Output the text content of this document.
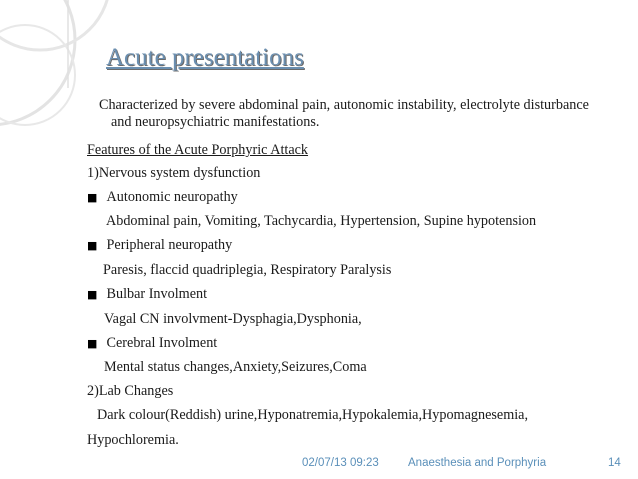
Acute presentations
Characterized by severe abdominal pain, autonomic instability, electrolyte disturbance and neuropsychiatric manifestations.
Features of the Acute Porphyric Attack
1)Nervous system dysfunction
■ Autonomic neuropathy
Abdominal pain, Vomiting, Tachycardia, Hypertension, Supine hypotension
■ Peripheral neuropathy
Paresis, flaccid quadriplegia, Respiratory Paralysis
■ Bulbar Involment
Vagal CN involvment-Dysphagia,Dysphonia,
■ Cerebral Involment
Mental status changes,Anxiety,Seizures,Coma
2)Lab Changes
Dark colour(Reddish) urine,Hyponatremia,Hypokalemia,Hypomagnesemia,
Hypochloremia.
02/07/13 09:23	Anaesthesia and Porphyria	14
